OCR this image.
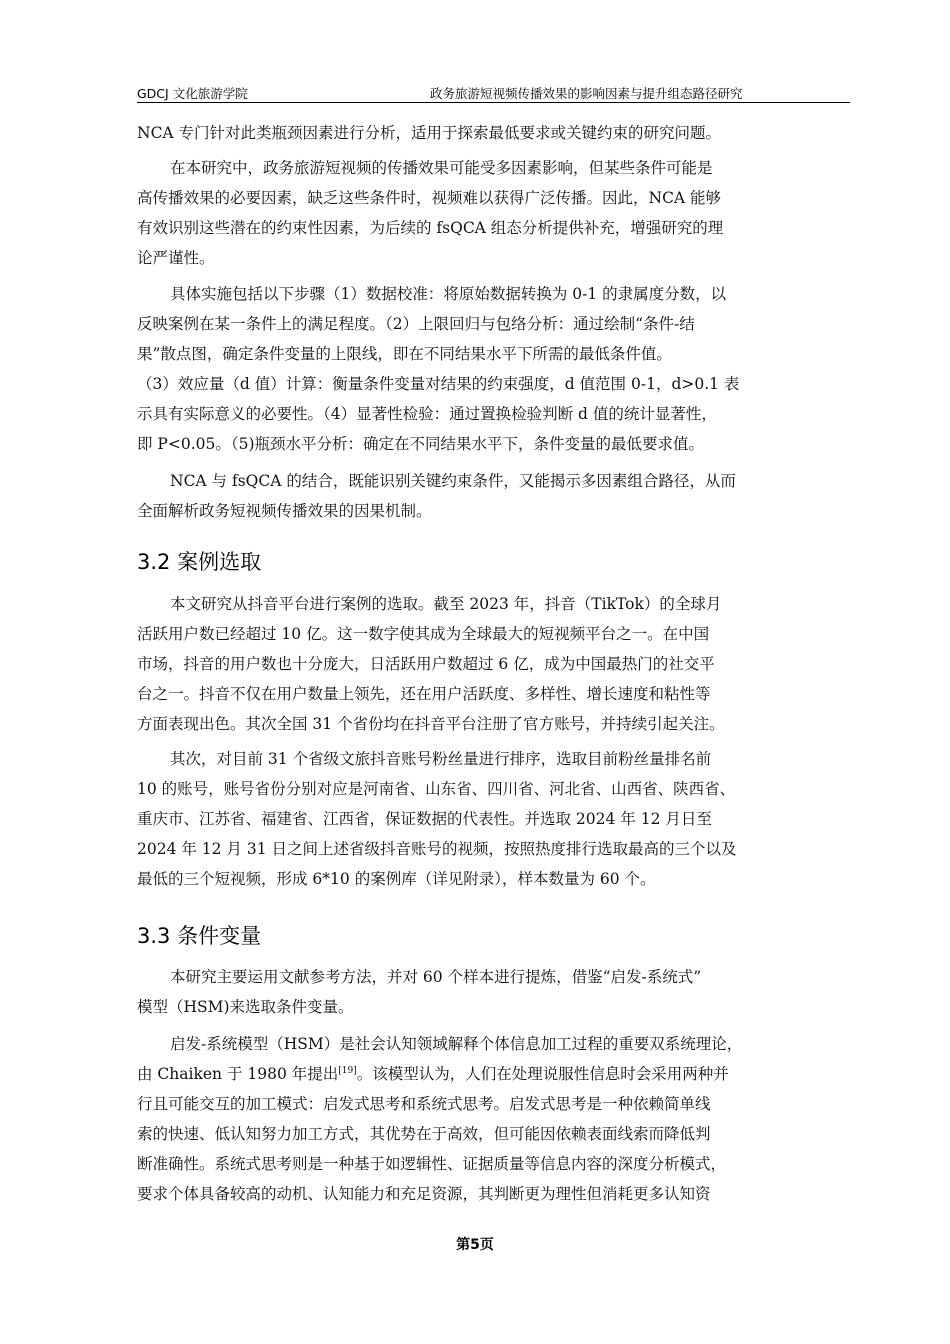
GDCJ 文化旅游学院	政务旅游短视频传播效果的影响因素与提升组态路径研究
NCA 专门针对此类瓶颈因素进行分析，适用于探索最低要求或关键约束的研究问题。
在本研究中，政务旅游短视频的传播效果可能受多因素影响，但某些条件可能是
高传播效果的必要因素，缺乏这些条件时，视频难以获得广泛传播。因此，NCA 能够
有效识别这些潜在的约束性因素，为后续的 fsQCA 组态分析提供补充，增强研究的理
论严谨性。
具体实施包括以下步骤（1）数据校准：将原始数据转换为 0-1 的隶属度分数，以
反映案例在某一条件上的满足程度。（2）上限回归与包络分析：通过绘制“条件-结
果”散点图，确定条件变量的上限线，即在不同结果水平下所需的最低条件值。
（3）效应量（d 值）计算：衡量条件变量对结果的约束强度，d 值范围 0-1，d>0.1 表
示具有实际意义的必要性。（4）显著性检验：通过置换检验判断 d 值的统计显著性，
即 P<0.05。（5)瓶颈水平分析：确定在不同结果水平下，条件变量的最低要求值。
NCA 与 fsQCA 的结合，既能识别关键约束条件，又能揭示多因素组合路径，从而
全面解析政务短视频传播效果的因果机制。
3.2 案例选取
本文研究从抖音平台进行案例的选取。截至 2023 年，抖音（TikTok）的全球月
活跃用户数已经超过 10 亿。这一数字使其成为全球最大的短视频平台之一。在中国
市场，抖音的用户数也十分庞大，日活跃用户数超过 6 亿，成为中国最热门的社交平
台之一。抖音不仅在用户数量上领先，还在用户活跃度、多样性、增长速度和粘性等
方面表现出色。其次全国 31 个省份均在抖音平台注册了官方账号，并持续引起关注。
其次，对目前 31 个省级文旅抖音账号粉丝量进行排序，选取目前粉丝量排名前
10 的账号，账号省份分别对应是河南省、山东省、四川省、河北省、山西省、陕西省、
重庆市、江苏省、福建省、江西省，保证数据的代表性。并选取 2024 年 12 月日至
2024 年 12 月 31 日之间上述省级抖音账号的视频，按照热度排行选取最高的三个以及
最低的三个短视频，形成 6*10 的案例库（详见附录），样本数量为 60 个。
3.3 条件变量
本研究主要运用文献参考方法，并对 60 个样本进行提炼，借鉴“启发-系统式”
模型（HSM)来选取条件变量。
启发-系统模型（HSM）是社会认知领域解释个体信息加工过程的重要双系统理论，
由 Chaiken 于 1980 年提出[19]。该模型认为，人们在处理说服性信息时会采用两种并
行且可能交互的加工模式：启发式思考和系统式思考。启发式思考是一种依赖简单线
索的快速、低认知努力加工方式，其优势在于高效，但可能因依赖表面线索而降低判
断准确性。系统式思考则是一种基于如逻辑性、证据质量等信息内容的深度分析模式，
要求个体具备较高的动机、认知能力和充足资源，其判断更为理性但消耗更多认知资
第5页
